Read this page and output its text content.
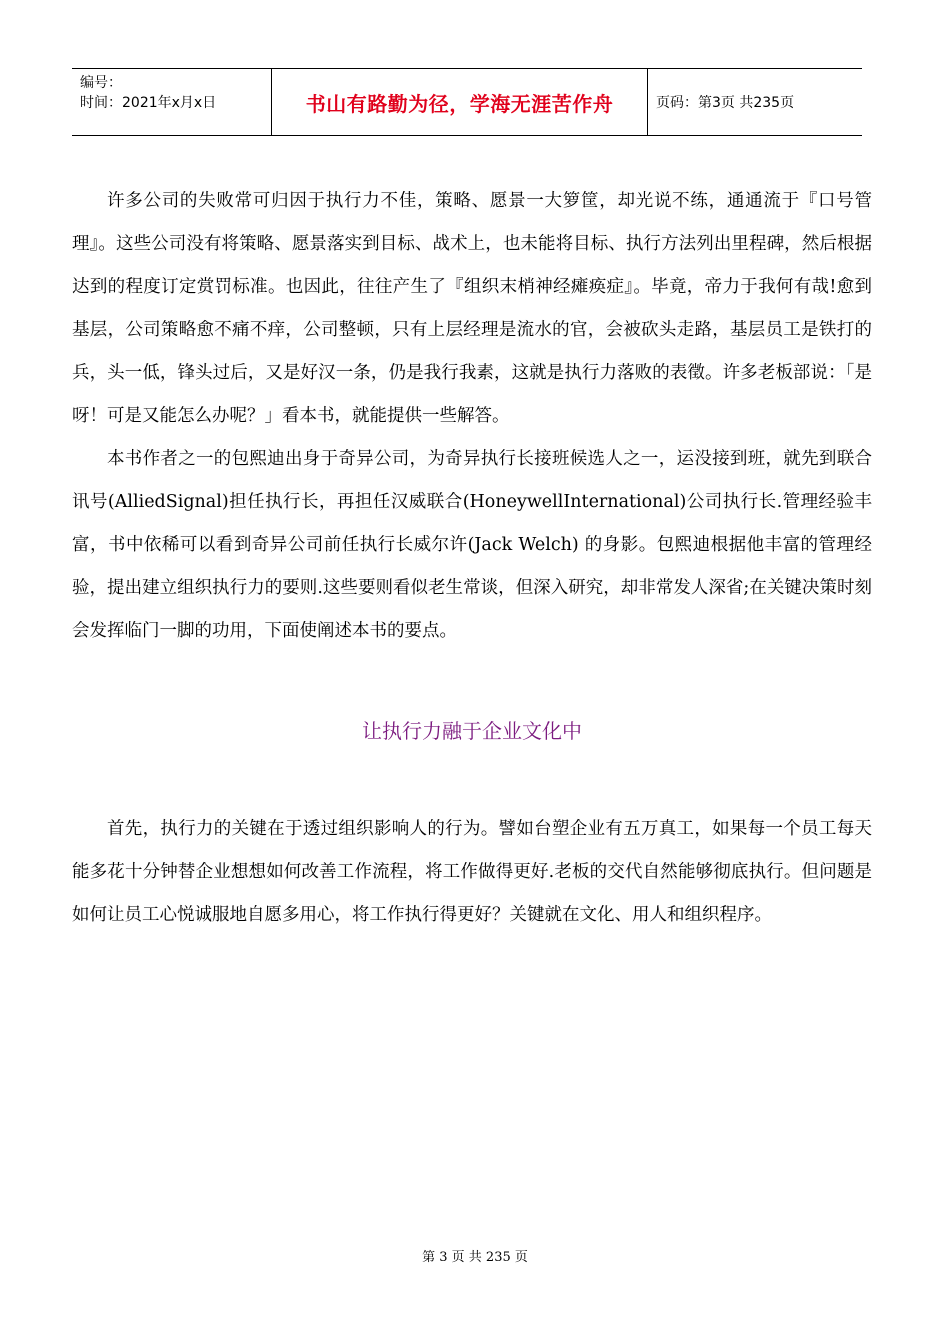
编号：
时间：2021年x月x日	书山有路勤为径，学海无涯苦作舟	页码：第3页 共235页

许多公司的失败常可归因于执行力不佳，策略、愿景一大箩筐，却光说不练，通通流于『口号管理』。这些公司没有将策略、愿景落实到目标、战术上，也未能将目标、执行方法列出里程碑，然后根据达到的程度订定赏罚标准。也因此，往往产生了『组织末梢神经瘫痪症』。毕竟，帝力于我何有哉!愈到基层，公司策略愈不痛不痒，公司整顿，只有上层经理是流水的官，会被砍头走路，基层员工是铁打的兵，头一低，锋头过后，又是好汉一条，仍是我行我素，这就是执行力落败的表徵。许多老板部说：「是呀！可是又能怎么办呢？」看本书，就能提供一些解答。

本书作者之一的包熙迪出身于奇异公司，为奇异执行长接班候选人之一，运没接到班，就先到联合讯号(AlliedSignal)担任执行长，再担任汉威联合(HoneywellInternational)公司执行长.管理经验丰富，书中依稀可以看到奇异公司前任执行长威尔许(Jack Welch) 的身影。包熙迪根据他丰富的管理经验，提出建立组织执行力的要则.这些要则看似老生常谈，但深入研究，却非常发人深省;在关键决策时刻会发挥临门一脚的功用，下面使阐述本书的要点。

让执行力融于企业文化中

首先，执行力的关键在于透过组织影响人的行为。譬如台塑企业有五万真工，如果每一个员工每天能多花十分钟替企业想想如何改善工作流程，将工作做得更好.老板的交代自然能够彻底执行。但问题是如何让员工心悦诚服地自愿多用心，将工作执行得更好？关键就在文化、用人和组织程序。

第 3 页 共 235 页
